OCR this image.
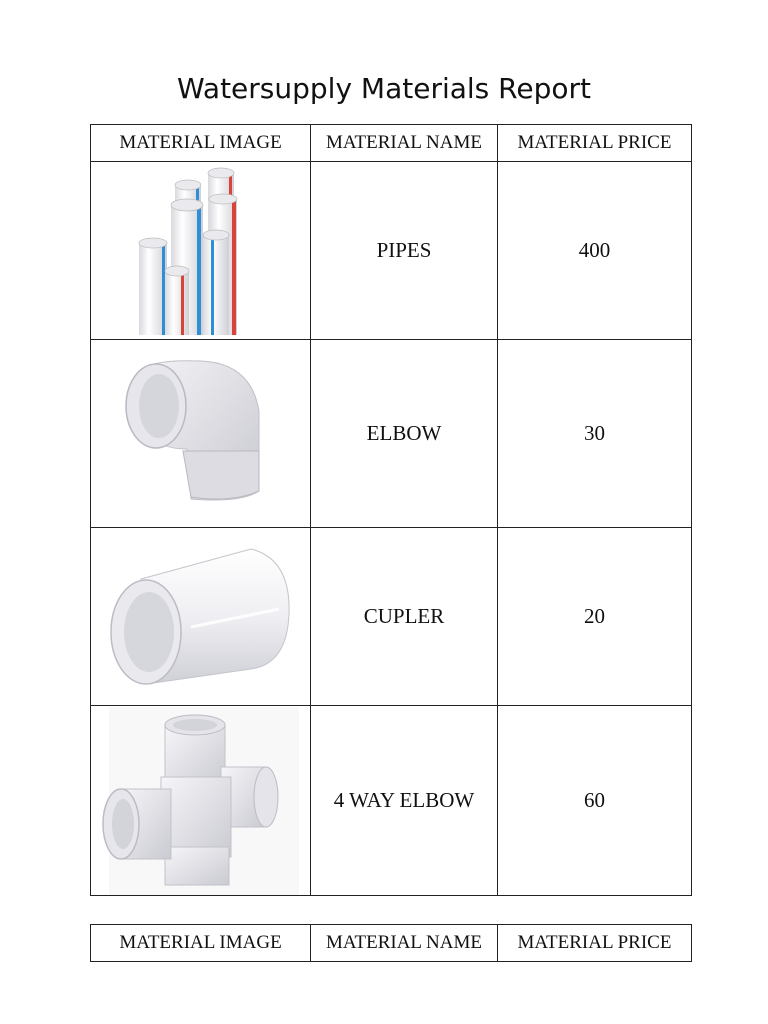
Watersupply Materials Report
MATERIAL IMAGE	MATERIAL NAME	MATERIAL PRICE

	PIPES	400

	ELBOW	30

	CUPLER	20

	4 WAY ELBOW	60
MATERIAL IMAGE	MATERIAL NAME	MATERIAL PRICE
